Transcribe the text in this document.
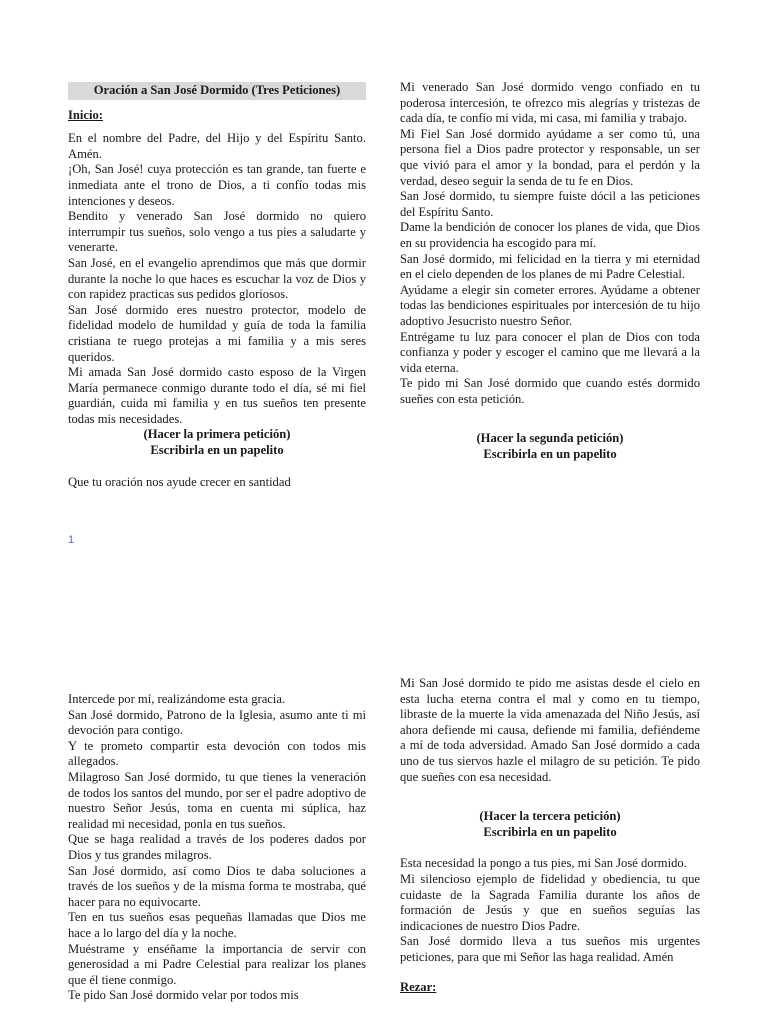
Oración a San José Dormido (Tres Peticiones)

Inicio:

En el nombre del Padre, del Hijo y del Espíritu Santo. Amén.

¡Oh, San José! cuya protección es tan grande, tan fuerte e inmediata ante el trono de Dios, a ti confío todas mis intenciones y deseos.

Bendito y venerado San José dormido no quiero interrumpir tus sueños, solo vengo a tus pies a saludarte y venerarte.

San José, en el evangelio aprendimos que más que dormir durante la noche lo que haces es escuchar la voz de Dios y con rapidez practicas sus pedidos gloriosos.

San José dormido eres nuestro protector, modelo de fidelidad modelo de humildad y guía de toda la familia cristiana te ruego protejas a mi familia y a mis seres queridos.

Mi amada San José dormido casto esposo de la Virgen María permanece conmigo durante todo el día, sé mi fiel guardián, cuida mi familia y en tus sueños ten presente todas mis necesidades.

(Hacer la primera petición)

Escribirla en un papelito

Que tu oración nos ayude crecer en santidad

Mi venerado San José dormido vengo confiado en tu poderosa intercesión, te ofrezco mis alegrías y tristezas de cada día, te confío mi vida, mi casa, mi familia y trabajo.

Mi Fiel San José dormido ayúdame a ser como tú, una persona fiel a Dios padre protector y responsable, un ser que vivió para el amor y la bondad, para el perdón y la verdad, deseo seguir la senda de tu fe en Dios.

San José dormido, tu siempre fuiste dócil a las peticiones del Espíritu Santo.

Dame la bendición de conocer los planes de vida, que Dios en su providencia ha escogido para mí.

San José dormido, mi felicidad en la tierra y mi eternidad en el cielo dependen de los planes de mi Padre Celestial.

Ayúdame a elegir sin cometer errores. Ayúdame a obtener todas las bendiciones espirituales por intercesión de tu hijo adoptivo Jesucristo nuestro Señor.

Entrégame tu luz para conocer el plan de Dios con toda confianza y poder y escoger el camino que me llevará a la vida eterna.

Te pido mi San José dormido que cuando estés dormido sueñes con esta petición.

(Hacer la segunda petición)

Escribirla en un papelito

1

Intercede por mí, realizándome esta gracia.

San José dormido, Patrono de la Iglesia, asumo ante ti mi devoción para contigo.

Y te prometo compartir esta devoción con todos mis allegados.

Milagroso San José dormido, tu que tienes la veneración de todos los santos del mundo, por ser el padre adoptivo de nuestro Señor Jesús, toma en cuenta mi súplica, haz realidad mi necesidad, ponla en tus sueños.

Que se haga realidad a través de los poderes dados por Dios y tus grandes milagros.

San José dormido, así como Dios te daba soluciones a través de los sueños y de la misma forma te mostraba, qué hacer para no equivocarte.

Ten en tus sueños esas pequeñas llamadas que Dios me hace a lo largo del día y la noche.

Muéstrame y enséñame la importancia de servir con generosidad a mi Padre Celestial para realizar los planes que él tiene conmigo.

Te pido San José dormido velar por todos mis

Mi San José dormido te pido me asistas desde el cielo en esta lucha eterna contra el mal y como en tu tiempo, libraste de la muerte la vida amenazada del Niño Jesús, así ahora defiende mi causa, defiende mi familia, defiéndeme a mí de toda adversidad. Amado San José dormido a cada uno de tus siervos hazle el milagro de su petición. Te pido que sueñes con esa necesidad.

(Hacer la tercera petición)

Escribirla en un papelito

Esta necesidad la pongo a tus pies, mi San José dormido.

Mi silencioso ejemplo de fidelidad y obediencia, tu que cuidaste de la Sagrada Familia durante los años de formación de Jesús y que en sueños seguías las indicaciones de nuestro Dios Padre.

San José dormido lleva a tus sueños mis urgentes peticiones, para que mi Señor las haga realidad. Amén

Rezar:
